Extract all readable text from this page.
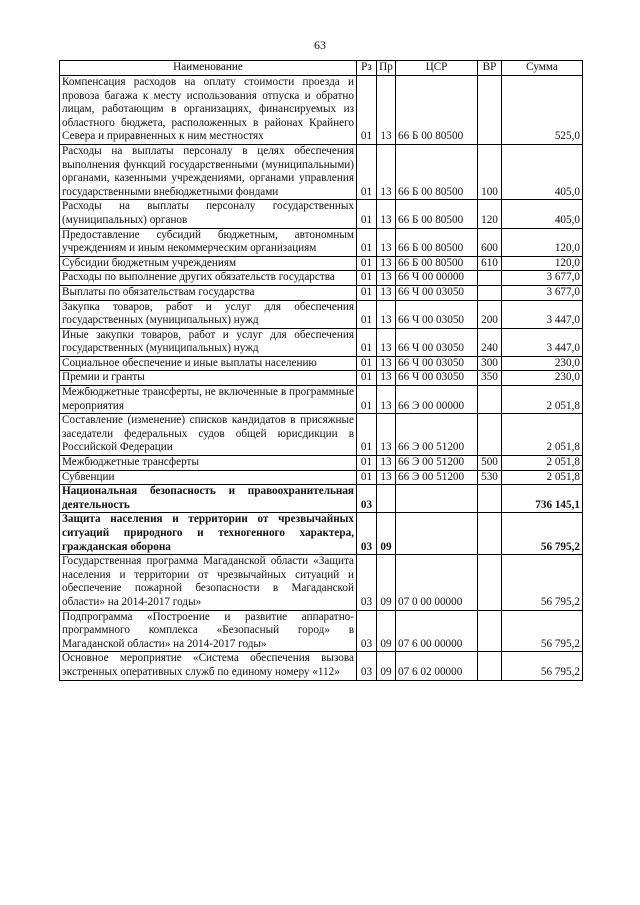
63
Наименование	Рз	Пр	ЦСР	ВР	Сумма
Компенсация расходов на оплату стоимости проезда и провоза багажа к месту использования отпуска и обратно лицам, работающим в организациях, финансируемых из областного бюджета, расположенных в районах Крайнего Севера и приравненных к ним местностях	01	13	66 Б 00 80500		525,0
Расходы на выплаты персоналу в целях обеспечения выполнения функций государственными (муниципальными) органами, казенными учреждениями, органами управления государственными внебюджетными фондами	01	13	66 Б 00 80500	100	405,0
Расходы на выплаты персоналу государственных (муниципальных) органов	01	13	66 Б 00 80500	120	405,0
Предоставление субсидий бюджетным, автономным учреждениям и иным некоммерческим организациям	01	13	66 Б 00 80500	600	120,0
Субсидии бюджетным учреждениям	01	13	66 Б 00 80500	610	120,0
Расходы по выполнение других обязательств государства	01	13	66 Ч 00 00000		3 677,0
Выплаты по обязательствам государства	01	13	66 Ч 00 03050		3 677,0
Закупка товаров, работ и услуг для обеспечения государственных (муниципальных) нужд	01	13	66 Ч 00 03050	200	3 447,0
Иные закупки товаров, работ и услуг для обеспечения государственных (муниципальных) нужд	01	13	66 Ч 00 03050	240	3 447,0
Социальное обеспечение и иные выплаты населению	01	13	66 Ч 00 03050	300	230,0
Премии и гранты	01	13	66 Ч 00 03050	350	230,0
Межбюджетные трансферты, не включенные в программные мероприятия	01	13	66 Э 00 00000		2 051,8
Составление (изменение) списков кандидатов в присяжные заседатели федеральных судов общей юрисдикции в Российской Федерации	01	13	66 Э 00 51200		2 051,8
Межбюджетные трансферты	01	13	66 Э 00 51200	500	2 051,8
Субвенции	01	13	66 Э 00 51200	530	2 051,8
Национальная безопасность и правоохранительная деятельность	03				736 145,1
Защита населения и территории от чрезвычайных ситуаций природного и техногенного характера, гражданская оборона	03	09			56 795,2
Государственная программа Магаданской области «Защита населения и территории от чрезвычайных ситуаций и обеспечение пожарной безопасности в Магаданской области» на 2014-2017 годы»	03	09	07 0 00 00000		56 795,2
Подпрограмма «Построение и развитие аппаратно-программного комплекса «Безопасный город» в Магаданской области» на 2014-2017 годы»	03	09	07 6 00 00000		56 795,2
Основное мероприятие «Система обеспечения вызова экстренных оперативных служб по единому номеру «112»	03	09	07 6 02 00000		56 795,2
